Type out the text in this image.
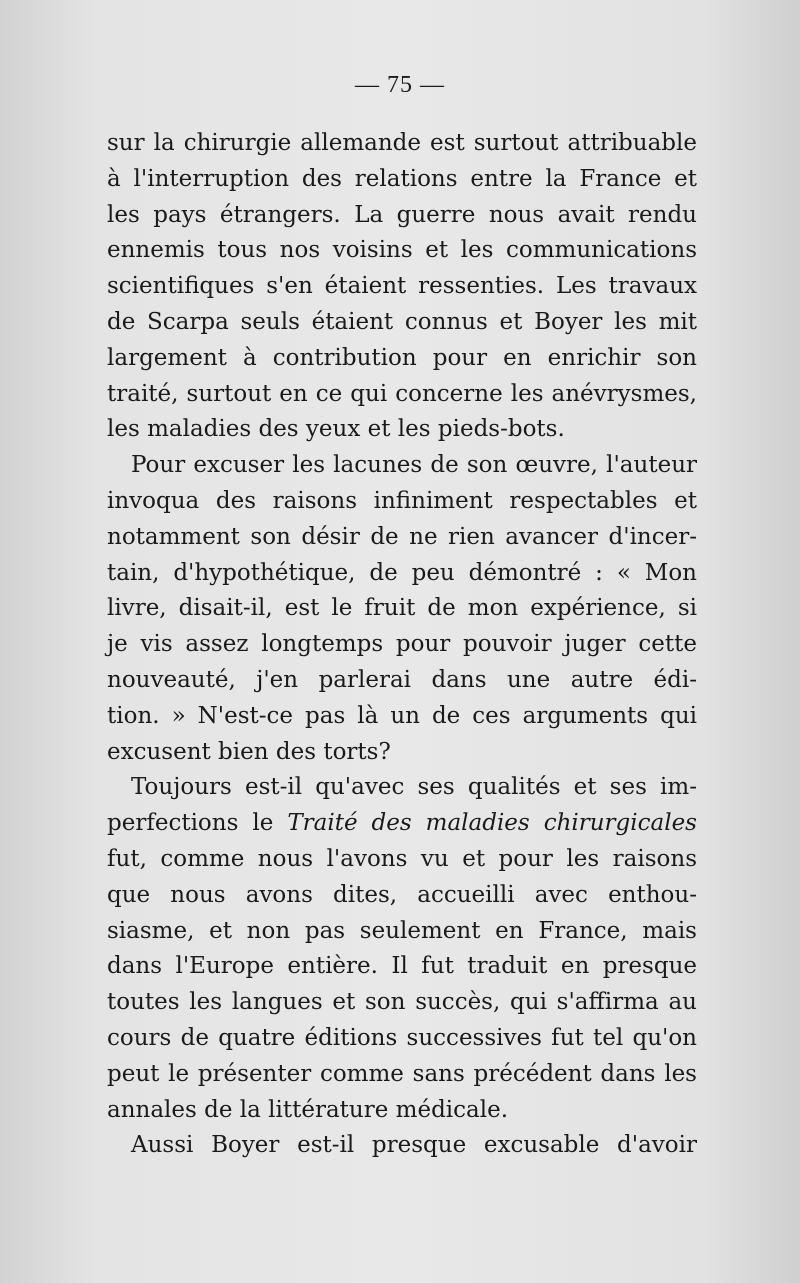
— 75 —
sur la chirurgie allemande est surtout attribuable
à l'interruption des relations entre la France et
les pays étrangers. La guerre nous avait rendu
ennemis tous nos voisins et les communications
scientifiques s'en étaient ressenties. Les travaux
de Scarpa seuls étaient connus et Boyer les mit
largement à contribution pour en enrichir son
traité, surtout en ce qui concerne les anévrysmes,
les maladies des yeux et les pieds-bots.
Pour excuser les lacunes de son œuvre, l'auteur
invoqua des raisons infiniment respectables et
notamment son désir de ne rien avancer d'incer-
tain, d'hypothétique, de peu démontré : « Mon
livre, disait-il, est le fruit de mon expérience, si
je vis assez longtemps pour pouvoir juger cette
nouveauté, j'en parlerai dans une autre édi-
tion. » N'est-ce pas là un de ces arguments qui
excusent bien des torts?
Toujours est-il qu'avec ses qualités et ses im-
perfections le Traité des maladies chirurgicales
fut, comme nous l'avons vu et pour les raisons
que nous avons dites, accueilli avec enthou-
siasme, et non pas seulement en France, mais
dans l'Europe entière. Il fut traduit en presque
toutes les langues et son succès, qui s'affirma au
cours de quatre éditions successives fut tel qu'on
peut le présenter comme sans précédent dans les
annales de la littérature médicale.
Aussi Boyer est-il presque excusable d'avoir
